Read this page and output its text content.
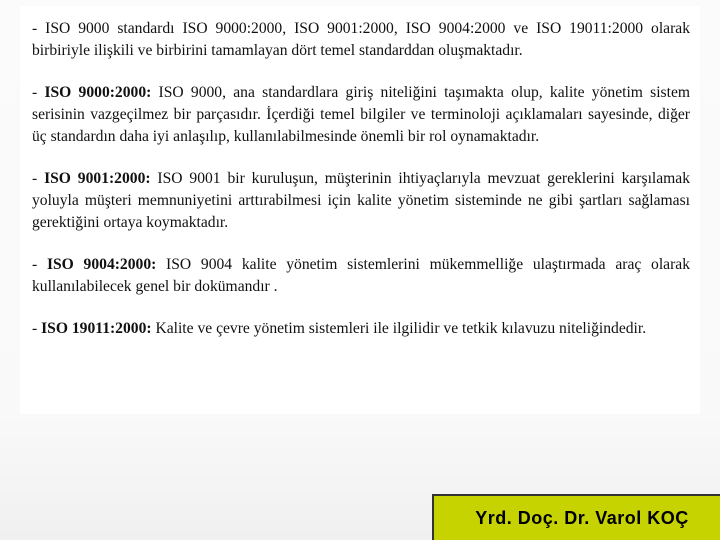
- ISO 9000 standardı ISO 9000:2000, ISO 9001:2000, ISO 9004:2000 ve ISO 19011:2000 olarak birbiriyle ilişkili ve birbirini tamamlayan dört temel standarddan oluşmaktadır.

- ISO 9000:2000: ISO 9000, ana standardlara giriş niteliğini taşımakta olup, kalite yönetim sistem serisinin vazgeçilmez bir parçasıdır. İçerdiği temel bilgiler ve terminoloji açıklamaları sayesinde, diğer üç standardın daha iyi anlaşılıp, kullanılabilmesinde önemli bir rol oynamaktadır.

- ISO 9001:2000: ISO 9001 bir kuruluşun, müşterinin ihtiyaçlarıyla mevzuat gereklerini karşılamak yoluyla müşteri memnuniyetini arttırabilmesi için kalite yönetim sisteminde ne gibi şartları sağlaması gerektiğini ortaya koymaktadır.

- ISO 9004:2000: ISO 9004 kalite yönetim sistemlerini mükemmelliğe ulaştırmada araç olarak kullanılabilecek genel bir dokümandır .

- ISO 19011:2000: Kalite ve çevre yönetim sistemleri ile ilgilidir ve tetkik kılavuzu niteliğindedir.

Yrd. Doç. Dr. Varol KOÇ
